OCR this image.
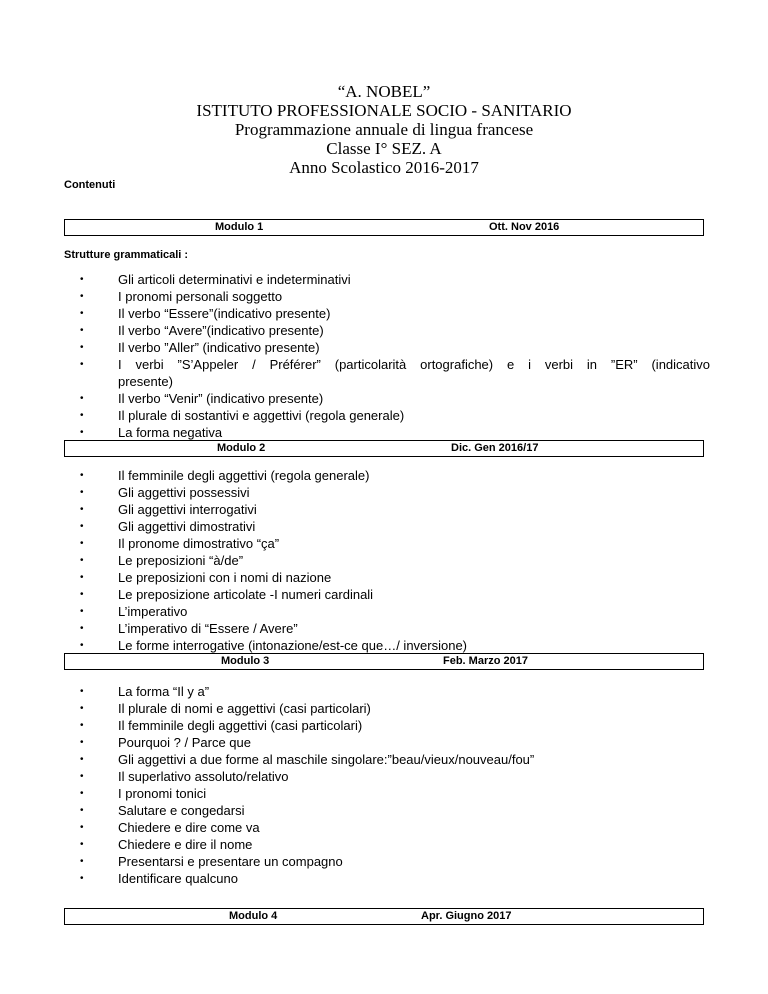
“A. NOBEL”
ISTITUTO PROFESSIONALE SOCIO - SANITARIO
Programmazione annuale di lingua francese
Classe I° SEZ. A
Anno Scolastico 2016-2017
Contenuti
Modulo 1	Ott. Nov 2016
Strutture grammaticali :
•	Gli articoli determinativi e indeterminativi
•	I pronomi personali soggetto
•	Il verbo “Essere”(indicativo presente)
•	Il verbo “Avere”(indicativo presente)
•	Il verbo ”Aller” (indicativo presente)
•	I verbi ”S’Appeler / Préférer” (particolarità ortografiche) e i verbi in ”ER” (indicativo
presente)
•	Il verbo “Venir” (indicativo presente)
•	Il plurale di sostantivi e aggettivi (regola generale)
•	La forma negativa
Modulo 2	Dic. Gen 2016/17
•	Il femminile degli aggettivi (regola generale)
•	Gli aggettivi possessivi
•	Gli aggettivi interrogativi
•	Gli aggettivi dimostrativi
•	Il pronome dimostrativo “ça”
•	Le preposizioni “à/de”
•	Le preposizioni con i nomi di nazione
•	Le preposizione articolate -I numeri cardinali
•	L’imperativo
•	L’imperativo di “Essere / Avere”
•	Le forme interrogative (intonazione/est-ce que…/ inversione)
Modulo 3	Feb. Marzo 2017
•	La forma “Il y a”
•	Il plurale di nomi e aggettivi (casi particolari)
•	Il femminile degli aggettivi (casi particolari)
•	Pourquoi ? / Parce que
•	Gli aggettivi a due forme al maschile singolare:”beau/vieux/nouveau/fou”
•	Il superlativo assoluto/relativo
•	I pronomi tonici
•	Salutare e congedarsi
•	Chiedere e dire come va
•	Chiedere e dire il nome
•	Presentarsi e presentare un compagno
•	Identificare qualcuno
Modulo 4	Apr. Giugno 2017
